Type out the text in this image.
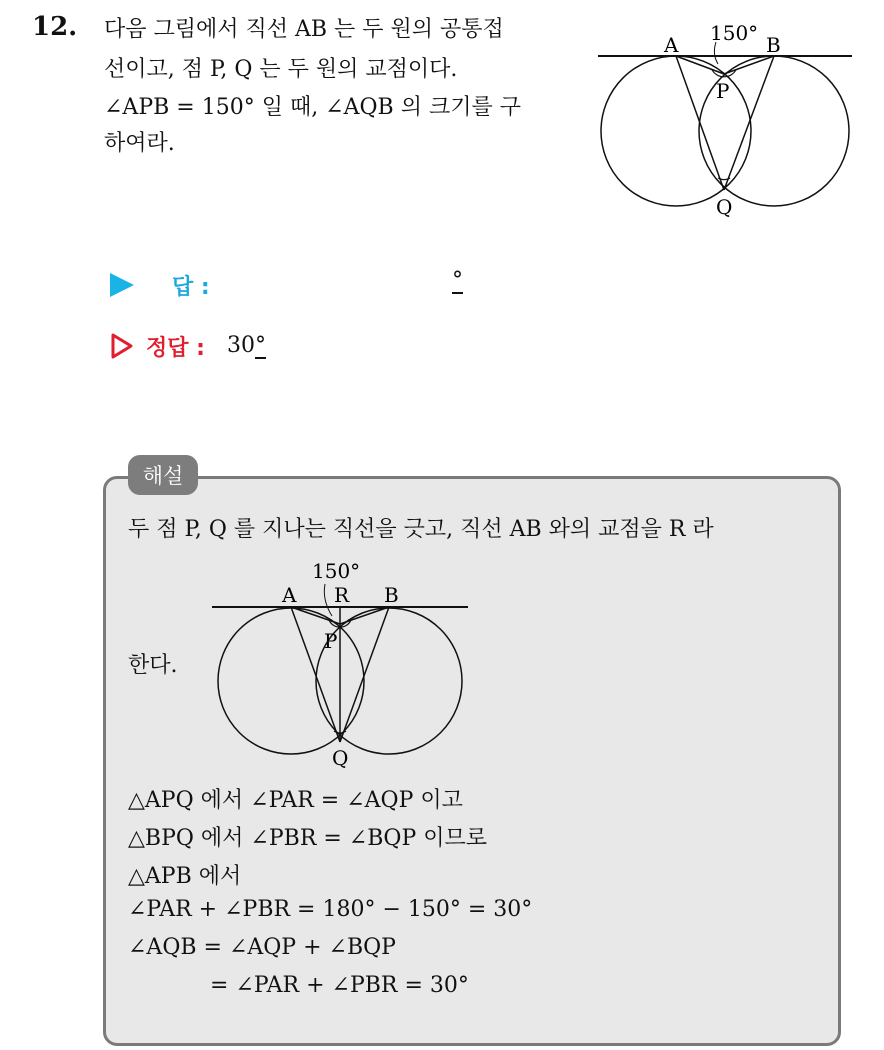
12. 다음 그림에서 직선 AB 는 두 원의 공통접
선이고, 점 P, Q 는 두 원의 교점이다.
∠APB = 150° 일 때, ∠AQB 의 크기를 구
하여라.
150°
A	B
P
Q
답 :	°
정답 : 30°
해설
두 점 P, Q 를 지나는 직선을 긋고, 직선 AB 와의 교점을 R 라
한다.
150°
A R B
P
Q
△APQ 에서 ∠PAR = ∠AQP 이고
△BPQ 에서 ∠PBR = ∠BQP 이므로
△APB 에서
∠PAR + ∠PBR = 180° − 150° = 30°
∠AQB = ∠AQP + ∠BQP
= ∠PAR + ∠PBR = 30°
